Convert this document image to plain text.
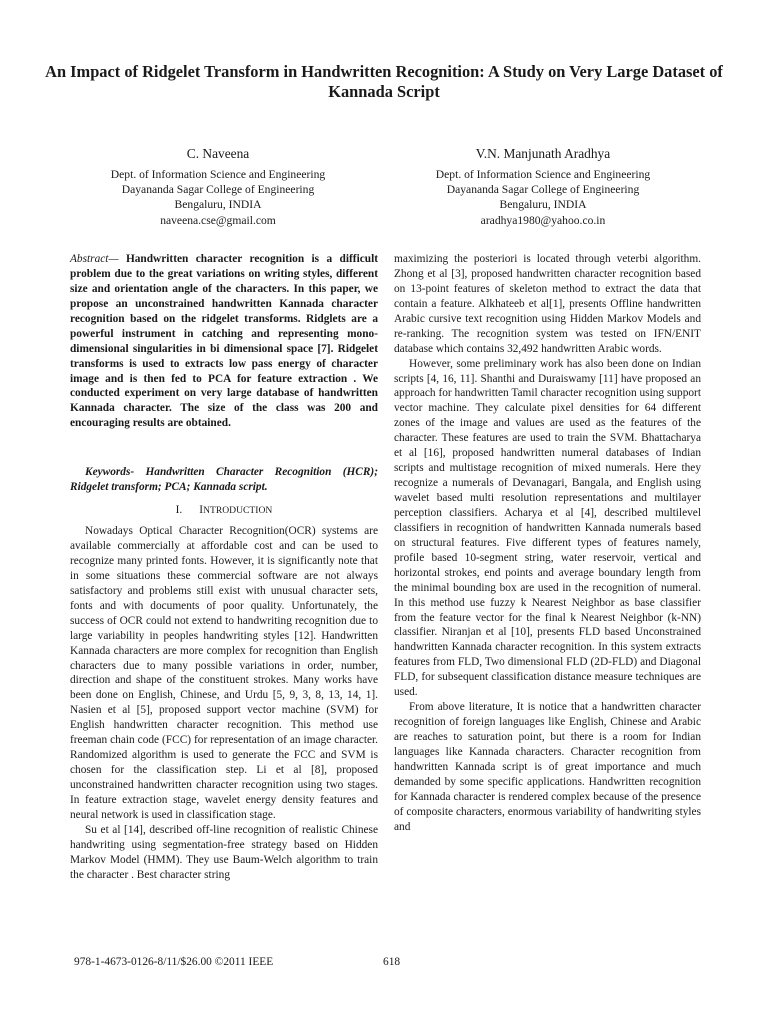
An Impact of Ridgelet Transform in Handwritten Recognition: A Study on Very Large Dataset of Kannada Script
C. Naveena
Dept. of Information Science and Engineering
Dayananda Sagar College of Engineering
Bengaluru, INDIA
naveena.cse@gmail.com
V.N. Manjunath Aradhya
Dept. of Information Science and Engineering
Dayananda Sagar College of Engineering
Bengaluru, INDIA
aradhya1980@yahoo.co.in

Abstract— Handwritten character recognition is a difficult problem due to the great variations on writing styles, different size and orientation angle of the characters. In this paper, we propose an unconstrained handwritten Kannada character recognition based on the ridgelet transforms. Ridglets are a powerful instrument in catching and representing mono-dimensional singularities in bi dimensional space [7]. Ridgelet transforms is used to extracts low pass energy of character image and is then fed to PCA for feature extraction . We conducted experiment on very large database of handwritten Kannada character. The size of the class was 200 and encouraging results are obtained.

Keywords- Handwritten Character Recognition (HCR); Ridgelet transform; PCA; Kannada script.

I. INTRODUCTION

Nowadays Optical Character Recognition(OCR) systems are available commercially at affordable cost and can be used to recognize many printed fonts. However, it is significantly note that in some situations these commercial software are not always satisfactory and problems still exist with unusual character sets, fonts and with documents of poor quality. Unfortunately, the success of OCR could not extend to handwriting recognition due to large variability in peoples handwriting styles [12]. Handwritten Kannada characters are more complex for recognition than English characters due to many possible variations in order, number, direction and shape of the constituent strokes. Many works have been done on English, Chinese, and Urdu [5, 9, 3, 8, 13, 14, 1]. Nasien et al [5], proposed support vector machine (SVM) for English handwritten character recognition. This method use freeman chain code (FCC) for representation of an image character. Randomized algorithm is used to generate the FCC and SVM is chosen for the classification step. Li et al [8], proposed unconstrained handwritten character recognition using two stages. In feature extraction stage, wavelet energy density features and neural network is used in classification stage.

Su et al [14], described off-line recognition of realistic Chinese handwriting using segmentation-free strategy based on Hidden Markov Model (HMM). They use Baum-Welch algorithm to train the character . Best character string

maximizing the posteriori is located through veterbi algorithm. Zhong et al [3], proposed handwritten character recognition based on 13-point features of skeleton method to extract the data that contain a feature. Alkhateeb et al[1], presents Offline handwritten Arabic cursive text recognition using Hidden Markov Models and re-ranking. The recognition system was tested on IFN/ENIT database which contains 32,492 handwritten Arabic words.

However, some preliminary work has also been done on Indian scripts [4, 16, 11]. Shanthi and Duraiswamy [11] have proposed an approach for handwritten Tamil character recognition using support vector machine. They calculate pixel densities for 64 different zones of the image and values are used as the features of the character. These features are used to train the SVM. Bhattacharya et al [16], proposed handwritten numeral databases of Indian scripts and multistage recognition of mixed numerals. Here they recognize a numerals of Devanagari, Bangala, and English using wavelet based multi resolution representations and multilayer perception classifiers. Acharya et al [4], described multilevel classifiers in recognition of handwritten Kannada numerals based on structural features. Five different types of features namely, profile based 10-segment string, water reservoir, vertical and horizontal strokes, end points and average boundary length from the minimal bounding box are used in the recognition of numeral. In this method use fuzzy k Nearest Neighbor as base classifier from the feature vector for the final k Nearest Neighbor (k-NN) classifier. Niranjan et al [10], presents FLD based Unconstrained handwritten Kannada character recognition. In this system extracts features from FLD, Two dimensional FLD (2D-FLD) and Diagonal FLD, for subsequent classification distance measure techniques are used.

From above literature, It is notice that a handwritten character recognition of foreign languages like English, Chinese and Arabic are reaches to saturation point, but there is a room for Indian languages like Kannada characters. Character recognition from handwritten Kannada script is of great importance and much demanded by some specific applications. Handwritten recognition for Kannada character is rendered complex because of the presence of composite characters, enormous variability of handwriting styles and

978-1-4673-0126-8/11/$26.00 ©2011 IEEE	618
